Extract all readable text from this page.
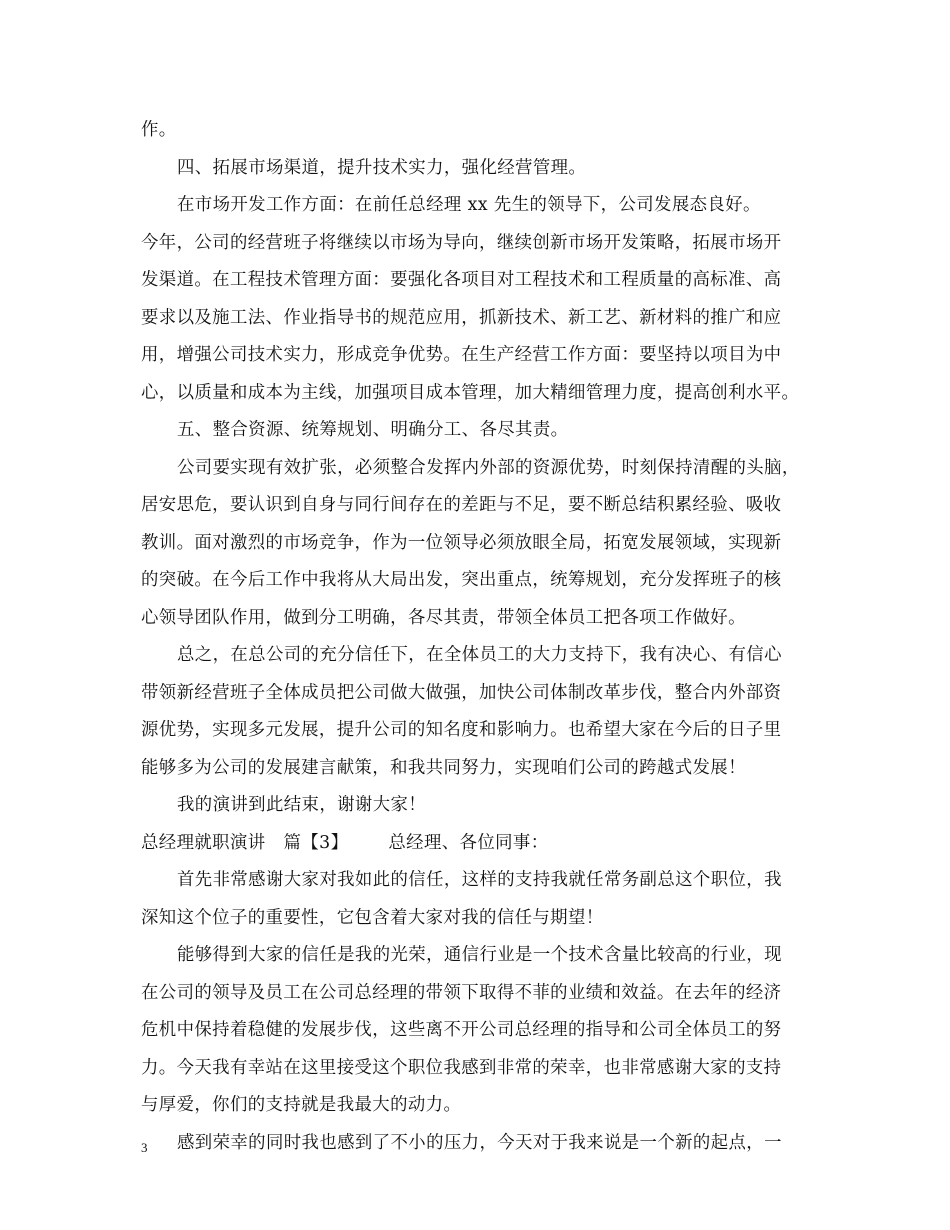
作。
四、拓展市场渠道，提升技术实力，强化经营管理。
在市场开发工作方面：在前任总经理 xx 先生的领导下，公司发展态良好。
今年，公司的经营班子将继续以市场为导向，继续创新市场开发策略，拓展市场开
发渠道。在工程技术管理方面：要强化各项目对工程技术和工程质量的高标准、高
要求以及施工法、作业指导书的规范应用，抓新技术、新工艺、新材料的推广和应
用，增强公司技术实力，形成竞争优势。在生产经营工作方面：要坚持以项目为中
心，以质量和成本为主线，加强项目成本管理，加大精细管理力度，提高创利水平。
五、整合资源、统筹规划、明确分工、各尽其责。
公司要实现有效扩张，必须整合发挥内外部的资源优势，时刻保持清醒的头脑，
居安思危，要认识到自身与同行间存在的差距与不足，要不断总结积累经验、吸收
教训。面对激烈的市场竞争，作为一位领导必须放眼全局，拓宽发展领域，实现新
的突破。在今后工作中我将从大局出发，突出重点，统筹规划，充分发挥班子的核
心领导团队作用，做到分工明确，各尽其责，带领全体员工把各项工作做好。
总之，在总公司的充分信任下，在全体员工的大力支持下，我有决心、有信心
带领新经营班子全体成员把公司做大做强，加快公司体制改革步伐，整合内外部资
源优势，实现多元发展，提升公司的知名度和影响力。也希望大家在今后的日子里
能够多为公司的发展建言献策，和我共同努力，实现咱们公司的跨越式发展！
我的演讲到此结束，谢谢大家！
总经理就职演讲 篇【3】 总经理、各位同事：
首先非常感谢大家对我如此的信任，这样的支持我就任常务副总这个职位，我
深知这个位子的重要性，它包含着大家对我的信任与期望！
能够得到大家的信任是我的光荣，通信行业是一个技术含量比较高的行业，现
在公司的领导及员工在公司总经理的带领下取得不菲的业绩和效益。在去年的经济
危机中保持着稳健的发展步伐，这些离不开公司总经理的指导和公司全体员工的努
力。今天我有幸站在这里接受这个职位我感到非常的荣幸，也非常感谢大家的支持
与厚爱，你们的支持就是我最大的动力。
感到荣幸的同时我也感到了不小的压力，今天对于我来说是一个新的起点，一
3
